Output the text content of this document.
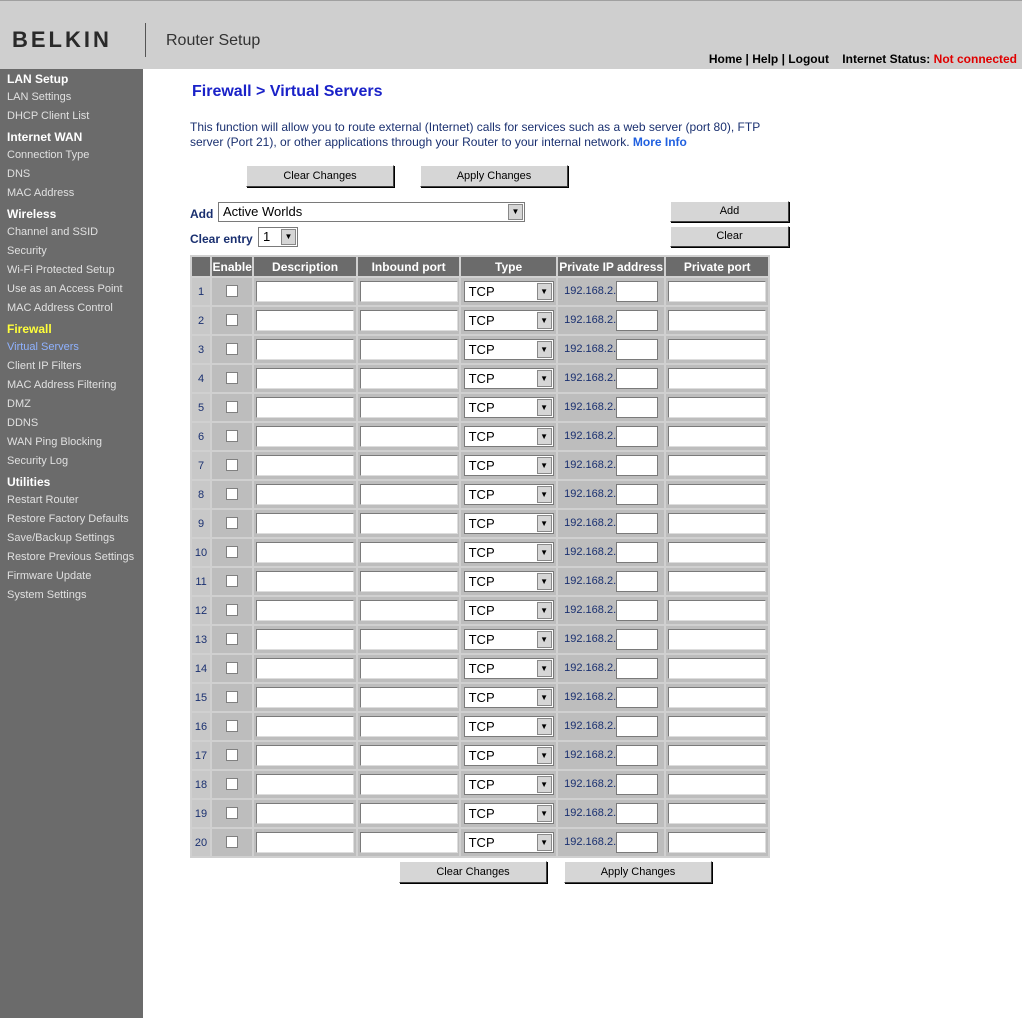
BELKIN	Router Setup
Home | Help | Logout Internet Status: Not connected
LAN Setup
LAN Settings
DHCP Client List
Internet WAN
Connection Type
DNS
MAC Address
Wireless
Channel and SSID
Security
Wi-Fi Protected Setup
Use as an Access Point
MAC Address Control
Firewall
Virtual Servers
Client IP Filters
MAC Address Filtering
DMZ
DDNS
WAN Ping Blocking
Security Log
Utilities
Restart Router
Restore Factory Defaults
Save/Backup Settings
Restore Previous Settings
Firmware Update
System Settings
Firewall > Virtual Servers
This function will allow you to route external (Internet) calls for services such as a web server (port 80), FTP server (Port 21), or other applications through your Router to your internal network. More Info
Clear Changes	Apply Changes
Add Active Worlds	▼	Add
Clear entry 1	▼	Clear
	Enable	Description	Inbound port	Type	Private IP address	Private port
1				TCP ▼	192.168.2.	
2				TCP ▼	192.168.2.	
3				TCP ▼	192.168.2.	
4				TCP ▼	192.168.2.	
5				TCP ▼	192.168.2.	
6				TCP ▼	192.168.2.	
7				TCP ▼	192.168.2.	
8				TCP ▼	192.168.2.	
9				TCP ▼	192.168.2.	
10				TCP ▼	192.168.2.	
11				TCP ▼	192.168.2.	
12				TCP ▼	192.168.2.	
13				TCP ▼	192.168.2.	
14				TCP ▼	192.168.2.	
15				TCP ▼	192.168.2.	
16				TCP ▼	192.168.2.	
17				TCP ▼	192.168.2.	
18				TCP ▼	192.168.2.	
19				TCP ▼	192.168.2.	
20				TCP ▼	192.168.2.	
Clear Changes	Apply Changes
